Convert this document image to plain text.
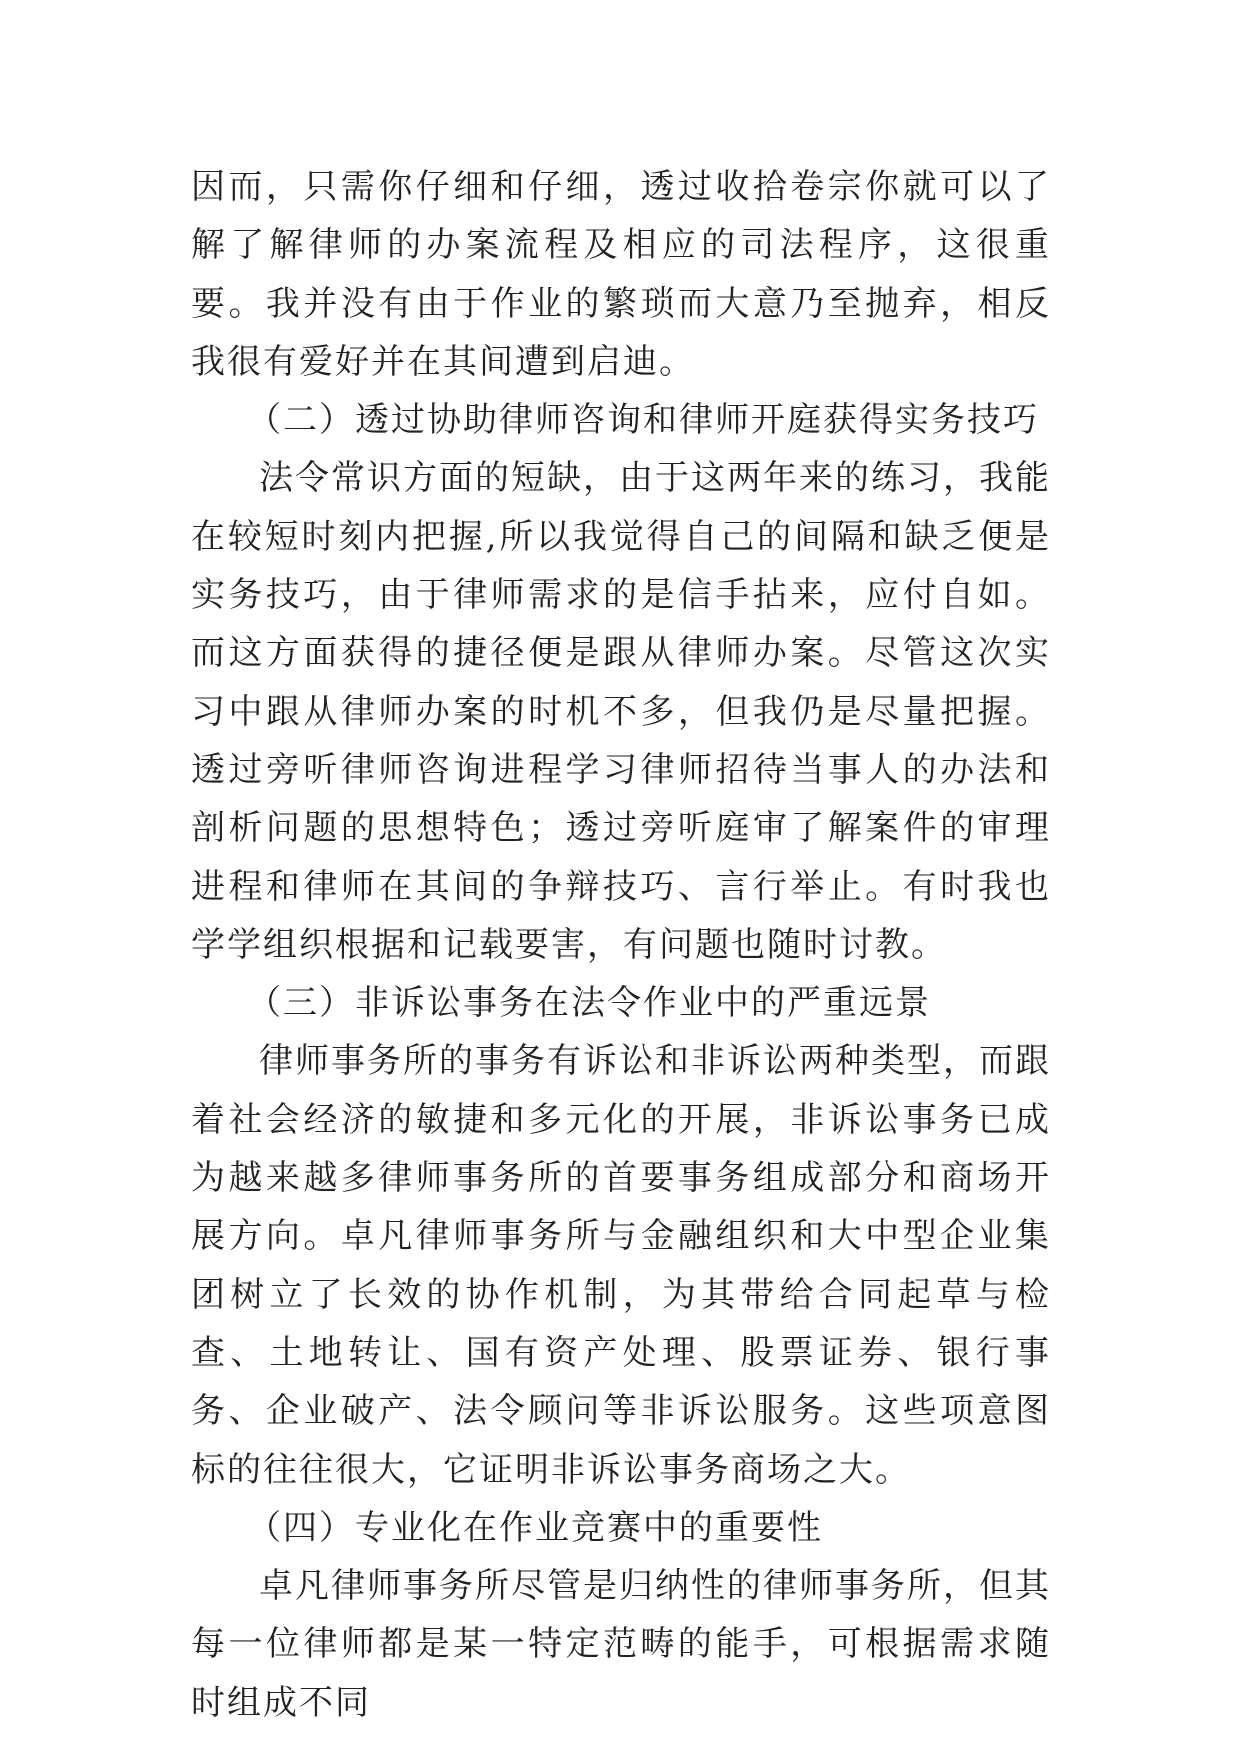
因而，只需你仔细和仔细，透过收拾卷宗你就可以了解了解律师的办案流程及相应的司法程序，这很重要。我并没有由于作业的繁琐而大意乃至抛弃，相反我很有爱好并在其间遭到启迪。

（二）透过协助律师咨询和律师开庭获得实务技巧

法令常识方面的短缺，由于这两年来的练习，我能在较短时刻内把握,所以我觉得自己的间隔和缺乏便是实务技巧，由于律师需求的是信手拈来，应付自如。而这方面获得的捷径便是跟从律师办案。尽管这次实习中跟从律师办案的时机不多，但我仍是尽量把握。透过旁听律师咨询进程学习律师招待当事人的办法和剖析问题的思想特色；透过旁听庭审了解案件的审理进程和律师在其间的争辩技巧、言行举止。有时我也学学组织根据和记载要害，有问题也随时讨教。

（三）非诉讼事务在法令作业中的严重远景

律师事务所的事务有诉讼和非诉讼两种类型，而跟着社会经济的敏捷和多元化的开展，非诉讼事务已成为越来越多律师事务所的首要事务组成部分和商场开展方向。卓凡律师事务所与金融组织和大中型企业集团树立了长效的协作机制，为其带给合同起草与检查、土地转让、国有资产处理、股票证券、银行事务、企业破产、法令顾问等非诉讼服务。这些项意图标的往往很大，它证明非诉讼事务商场之大。

（四）专业化在作业竞赛中的重要性

卓凡律师事务所尽管是归纳性的律师事务所，但其每一位律师都是某一特定范畴的能手，可根据需求随时组成不同
